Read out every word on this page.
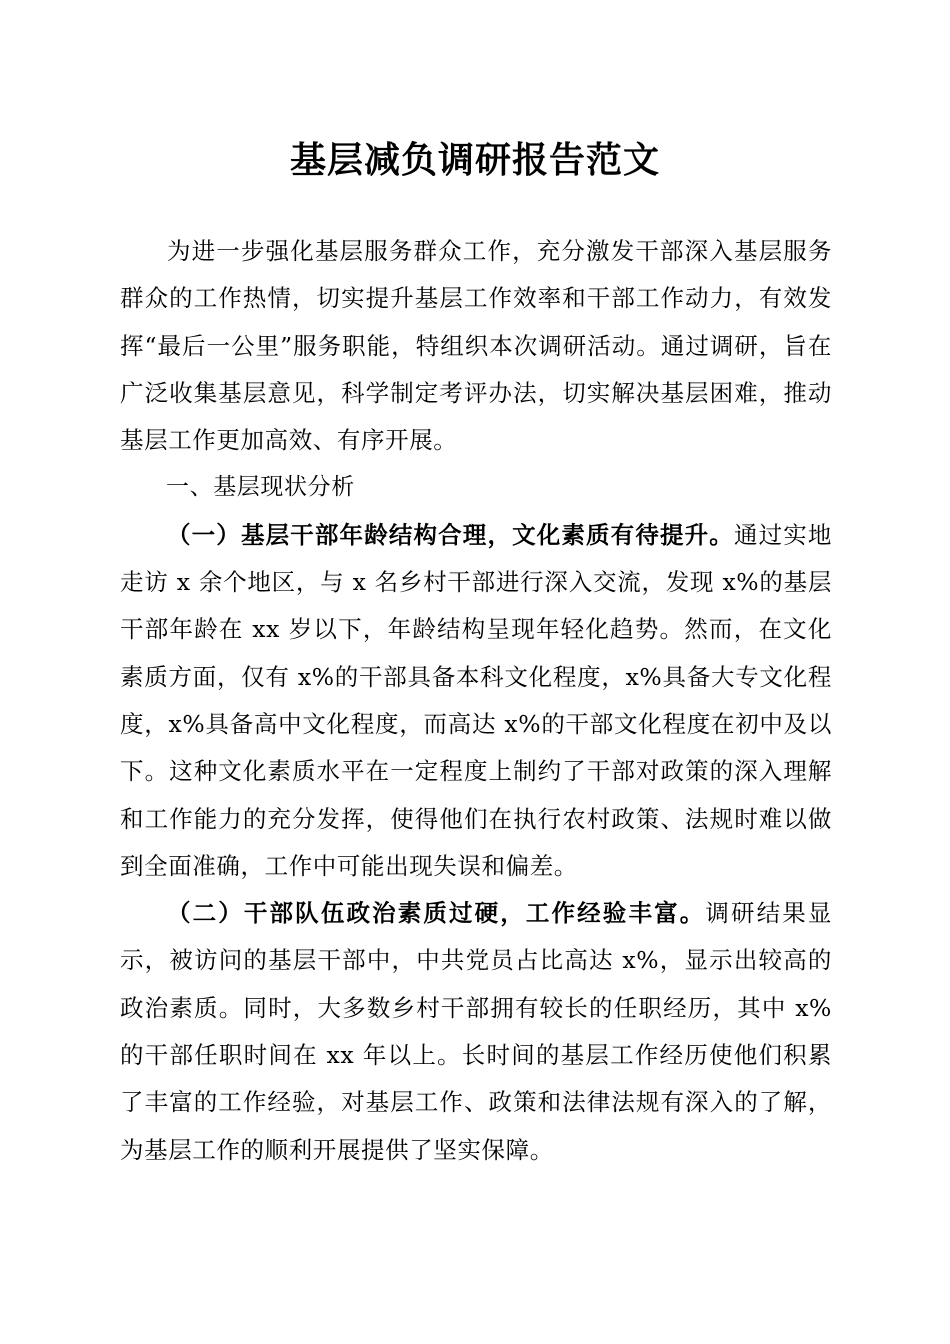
基层减负调研报告范文

为进一步强化基层服务群众工作，充分激发干部深入基层服务群众的工作热情，切实提升基层工作效率和干部工作动力，有效发挥“最后一公里”服务职能，特组织本次调研活动。通过调研，旨在广泛收集基层意见，科学制定考评办法，切实解决基层困难，推动基层工作更加高效、有序开展。

一、基层现状分析

（一）基层干部年龄结构合理，文化素质有待提升。通过实地走访 x 余个地区，与 x 名乡村干部进行深入交流，发现 x%的基层干部年龄在 xx 岁以下，年龄结构呈现年轻化趋势。然而，在文化素质方面，仅有 x%的干部具备本科文化程度，x%具备大专文化程度，x%具备高中文化程度，而高达 x%的干部文化程度在初中及以下。这种文化素质水平在一定程度上制约了干部对政策的深入理解和工作能力的充分发挥，使得他们在执行农村政策、法规时难以做到全面准确，工作中可能出现失误和偏差。

（二）干部队伍政治素质过硬，工作经验丰富。调研结果显示，被访问的基层干部中，中共党员占比高达 x%，显示出较高的政治素质。同时，大多数乡村干部拥有较长的任职经历，其中 x%的干部任职时间在 xx 年以上。长时间的基层工作经历使他们积累了丰富的工作经验，对基层工作、政策和法律法规有深入的了解，为基层工作的顺利开展提供了坚实保障。
